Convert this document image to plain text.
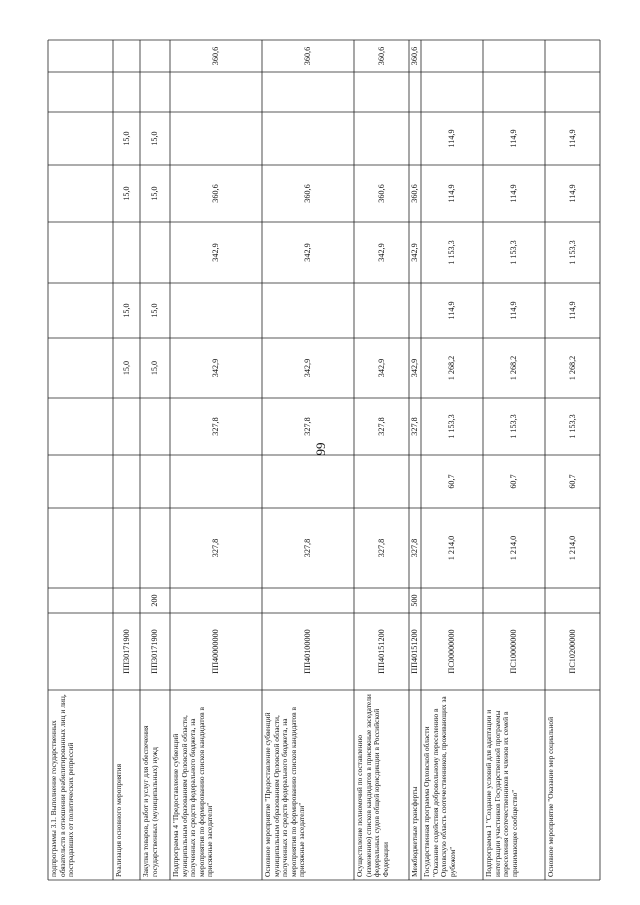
99
подпрограммы 3.1. Выполнение государственных обязательств в отношении реабилитированных лиц и лиц, пострадавших от политических репрессий	Реализация основного мероприятия
ПП30171900
15,0
15,0
15,0
15,0
Закупка товаров, работ и услуг для обеспечения государственных (муниципальных) нужд
ПП30171900
200
15,0
15,0
15,0
15,0
Подпрограмма 4 "Предоставление субвенций муниципальным образованиям Орловской области, полученных из средств федерального бюджета, на мероприятия по формированию списков кандидатов в присяжные заседатели"
ПП40000000
327,8
327,8
342,9
342,9
360,6
360,6
Основное мероприятие "Предоставление субвенций муниципальным образованиям Орловской области, полученных из средств федерального бюджета, на мероприятия по формированию списков кандидатов в присяжные заседатели"
ПП40100000
327,8
327,8
342,9
342,9
360,6
360,6
Осуществление полномочий по составлению (изменению) списков кандидатов в присяжные заседатели федеральных судов общей юрисдикции в Российской Федерации
ПП40151200
327,8
327,8
342,9
342,9
360,6
360,6
Межбюджетные трансферты
ПП40151200
500
327,8
327,8
342,9
342,9
360,6
360,6
Государственная программа Орловской области "Оказание содействия добровольному переселению в Орловскую область соотечественников, проживающих за рубежом"
ПС00000000
1 214,0
60,7
1 153,3
1 268,2
114,9
1 153,3
114,9
114,9
Подпрограмма 1 "Создание условий для адаптации и интеграции участников Государственной программы переселения соотечественников и членов их семей в принимающее сообщество"
ПС10000000
1 214,0
60,7
1 153,3
1 268,2
114,9
1 153,3
114,9
114,9
Основное мероприятие "Оказание мер социальной
ПС10200000
1 214,0
60,7
1 153,3
1 268,2
114,9
1 153,3
114,9
114,9
